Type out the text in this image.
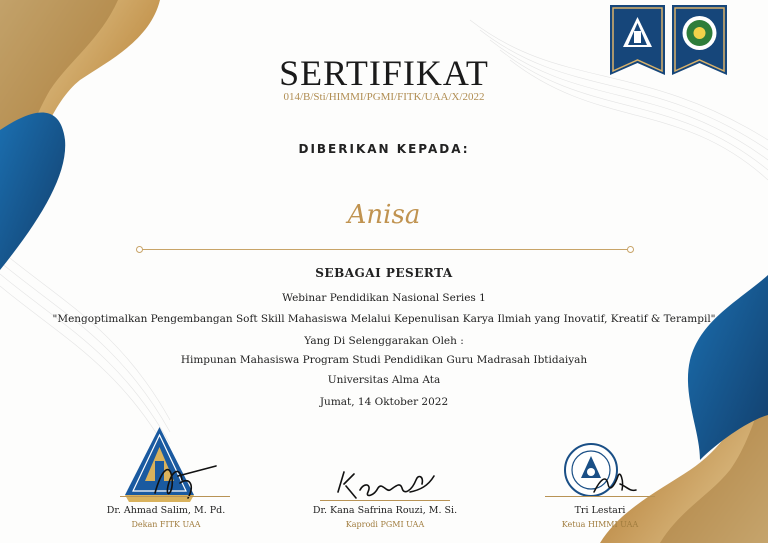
SERTIFIKAT
014/B/Sti/HIMMI/PGMI/FITK/UAA/X/2022
DIBERIKAN KEPADA:
Anisa
SEBAGAI PESERTA
Webinar Pendidikan Nasional Series 1
"Mengoptimalkan Pengembangan Soft Skill Mahasiswa Melalui Kepenulisan Karya Ilmiah yang Inovatif, Kreatif & Terampil"
Yang Di Selenggarakan Oleh :
Himpunan Mahasiswa Program Studi Pendidikan Guru Madrasah Ibtidaiyah
Universitas Alma Ata
Jumat, 14 Oktober 2022
Dr. Ahmad Salim, M. Pd.
Dekan FITK UAA
Dr. Kana Safrina Rouzi, M. Si.
Kaprodi PGMI UAA
Tri Lestari
Ketua HIMMI UAA
